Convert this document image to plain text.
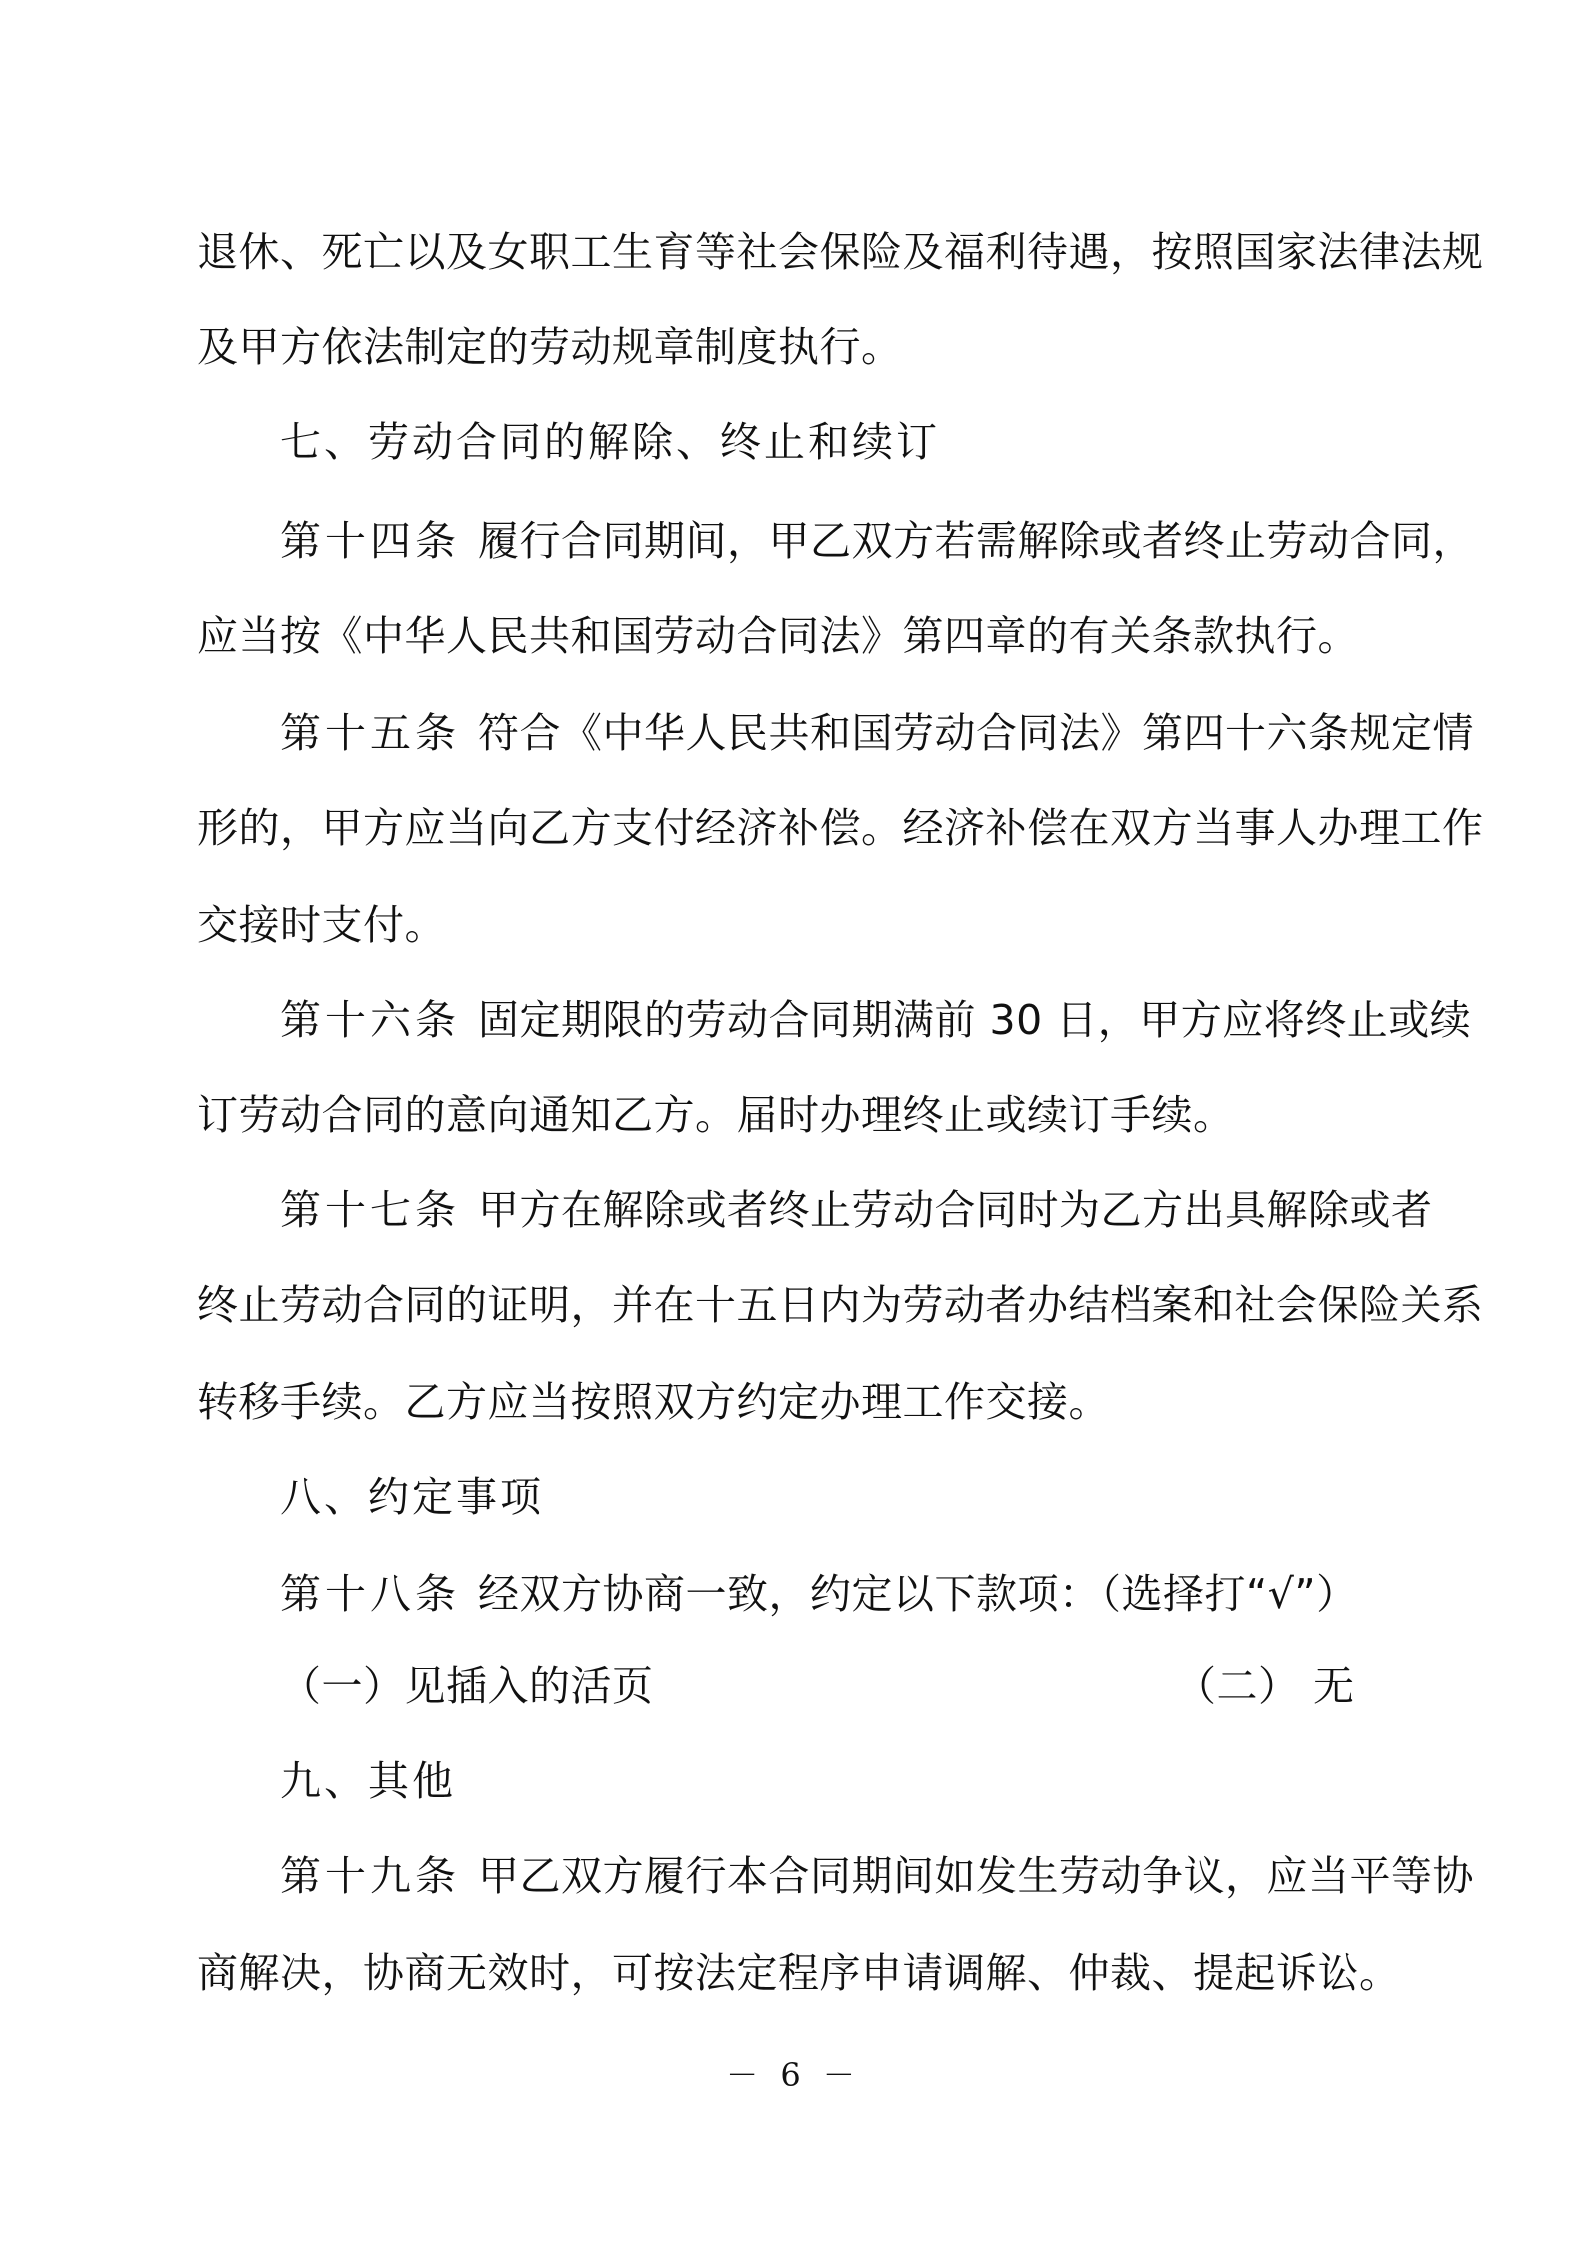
退休、死亡以及女职工生育等社会保险及福利待遇，按照国家法律法规
及甲方依法制定的劳动规章制度执行。
七、劳动合同的解除、终止和续订
第十四条 履行合同期间，甲乙双方若需解除或者终止劳动合同，
应当按《中华人民共和国劳动合同法》第四章的有关条款执行。
第十五条 符合《中华人民共和国劳动合同法》第四十六条规定情
形的，甲方应当向乙方支付经济补偿。经济补偿在双方当事人办理工作
交接时支付。
第十六条 固定期限的劳动合同期满前 30 日，甲方应将终止或续
订劳动合同的意向通知乙方。届时办理终止或续订手续。
第十七条 甲方在解除或者终止劳动合同时为乙方出具解除或者
终止劳动合同的证明，并在十五日内为劳动者办结档案和社会保险关系
转移手续。乙方应当按照双方约定办理工作交接。
八、约定事项
第十八条 经双方协商一致，约定以下款项：（选择打“√”）
（一）见插入的活页	（二） 无
九、其他
第十九条 甲乙双方履行本合同期间如发生劳动争议，应当平等协
商解决，协商无效时，可按法定程序申请调解、仲裁、提起诉讼。
－ 6 －
